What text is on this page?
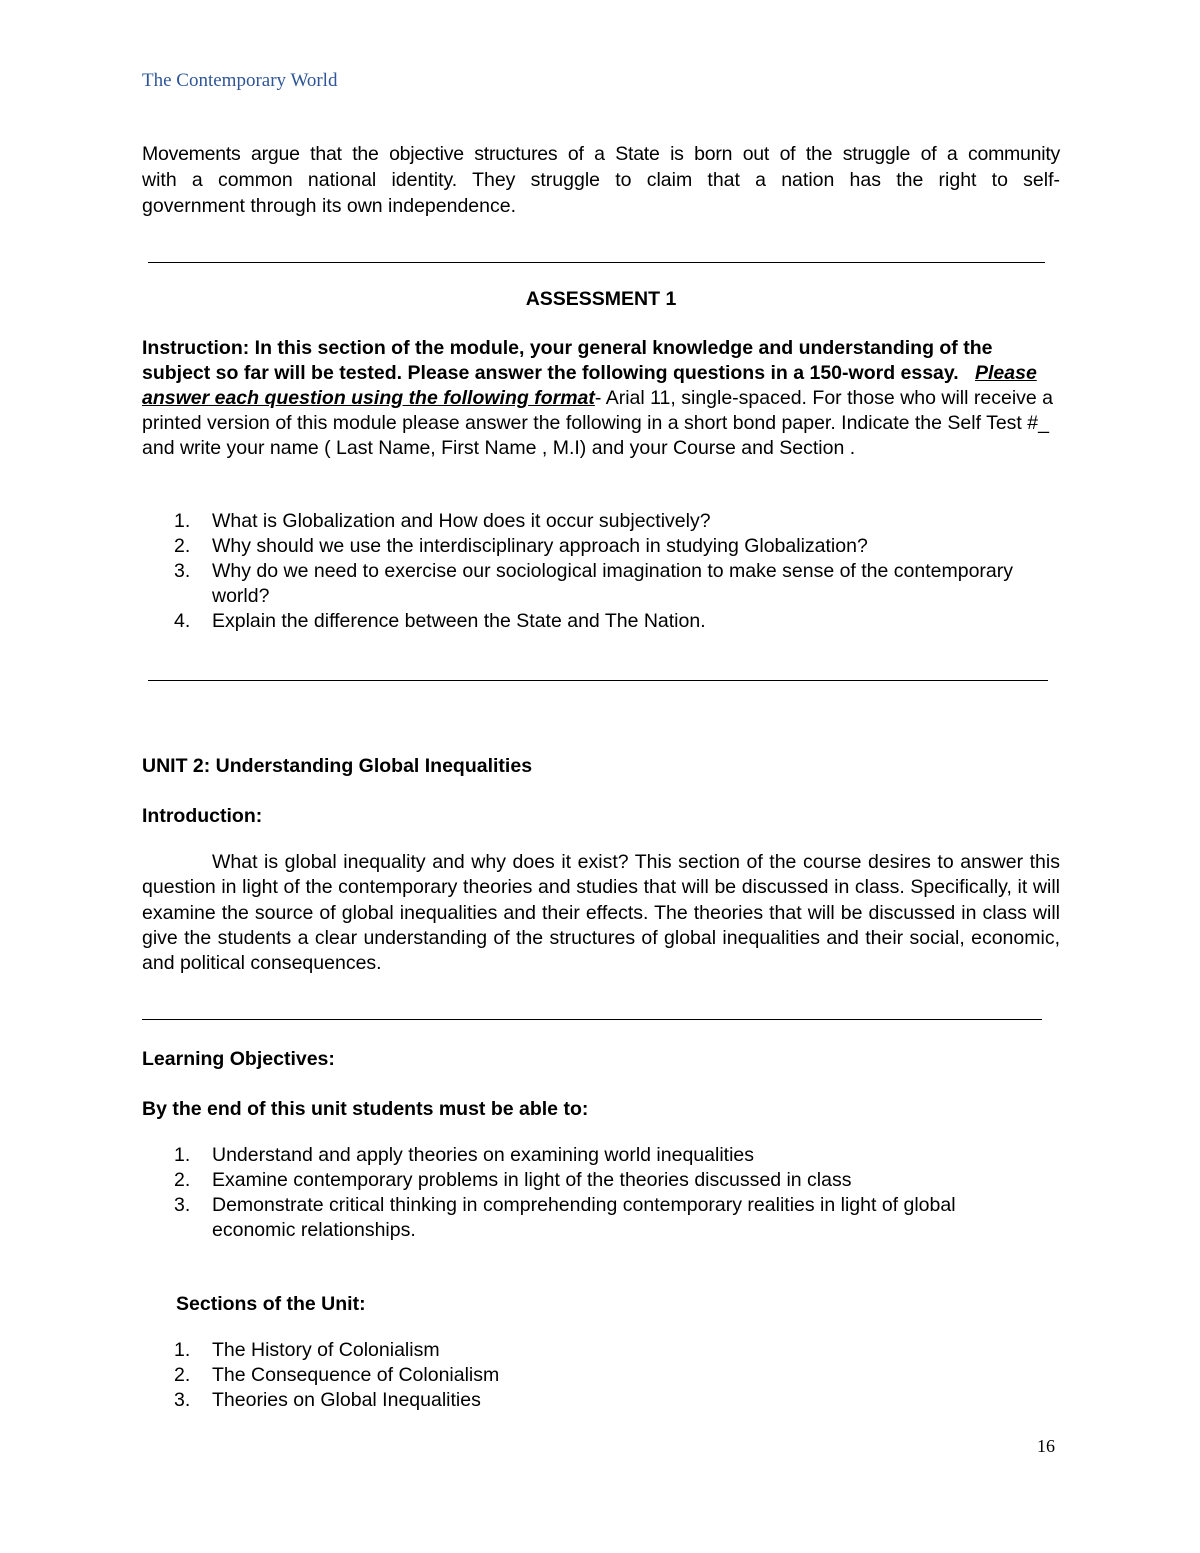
The Contemporary World
Movements argue that the objective structures of a State is born out of the struggle of a community
with a common national identity. They struggle to claim that a nation has the right to self-
government through its own independence.
ASSESSMENT 1
Instruction: In this section of the module, your general knowledge and understanding of the subject so far will be tested. Please answer the following questions in a 150-word essay. Please answer each question using the following format- Arial 11, single-spaced. For those who will receive a printed version of this module please answer the following in a short bond paper. Indicate the Self Test #_ and write your name ( Last Name, First Name , M.I) and your Course and Section .
1. What is Globalization and How does it occur subjectively?
2. Why should we use the interdisciplinary approach in studying Globalization?
3. Why do we need to exercise our sociological imagination to make sense of the contemporary world?
4. Explain the difference between the State and The Nation.
UNIT 2: Understanding Global Inequalities
Introduction:
What is global inequality and why does it exist? This section of the course desires to answer this question in light of the contemporary theories and studies that will be discussed in class. Specifically, it will examine the source of global inequalities and their effects. The theories that will be discussed in class will give the students a clear understanding of the structures of global inequalities and their social, economic, and political consequences.
Learning Objectives:
By the end of this unit students must be able to:
1. Understand and apply theories on examining world inequalities
2. Examine contemporary problems in light of the theories discussed in class
3. Demonstrate critical thinking in comprehending contemporary realities in light of global economic relationships.
Sections of the Unit:
1. The History of Colonialism
2. The Consequence of Colonialism
3. Theories on Global Inequalities
16
